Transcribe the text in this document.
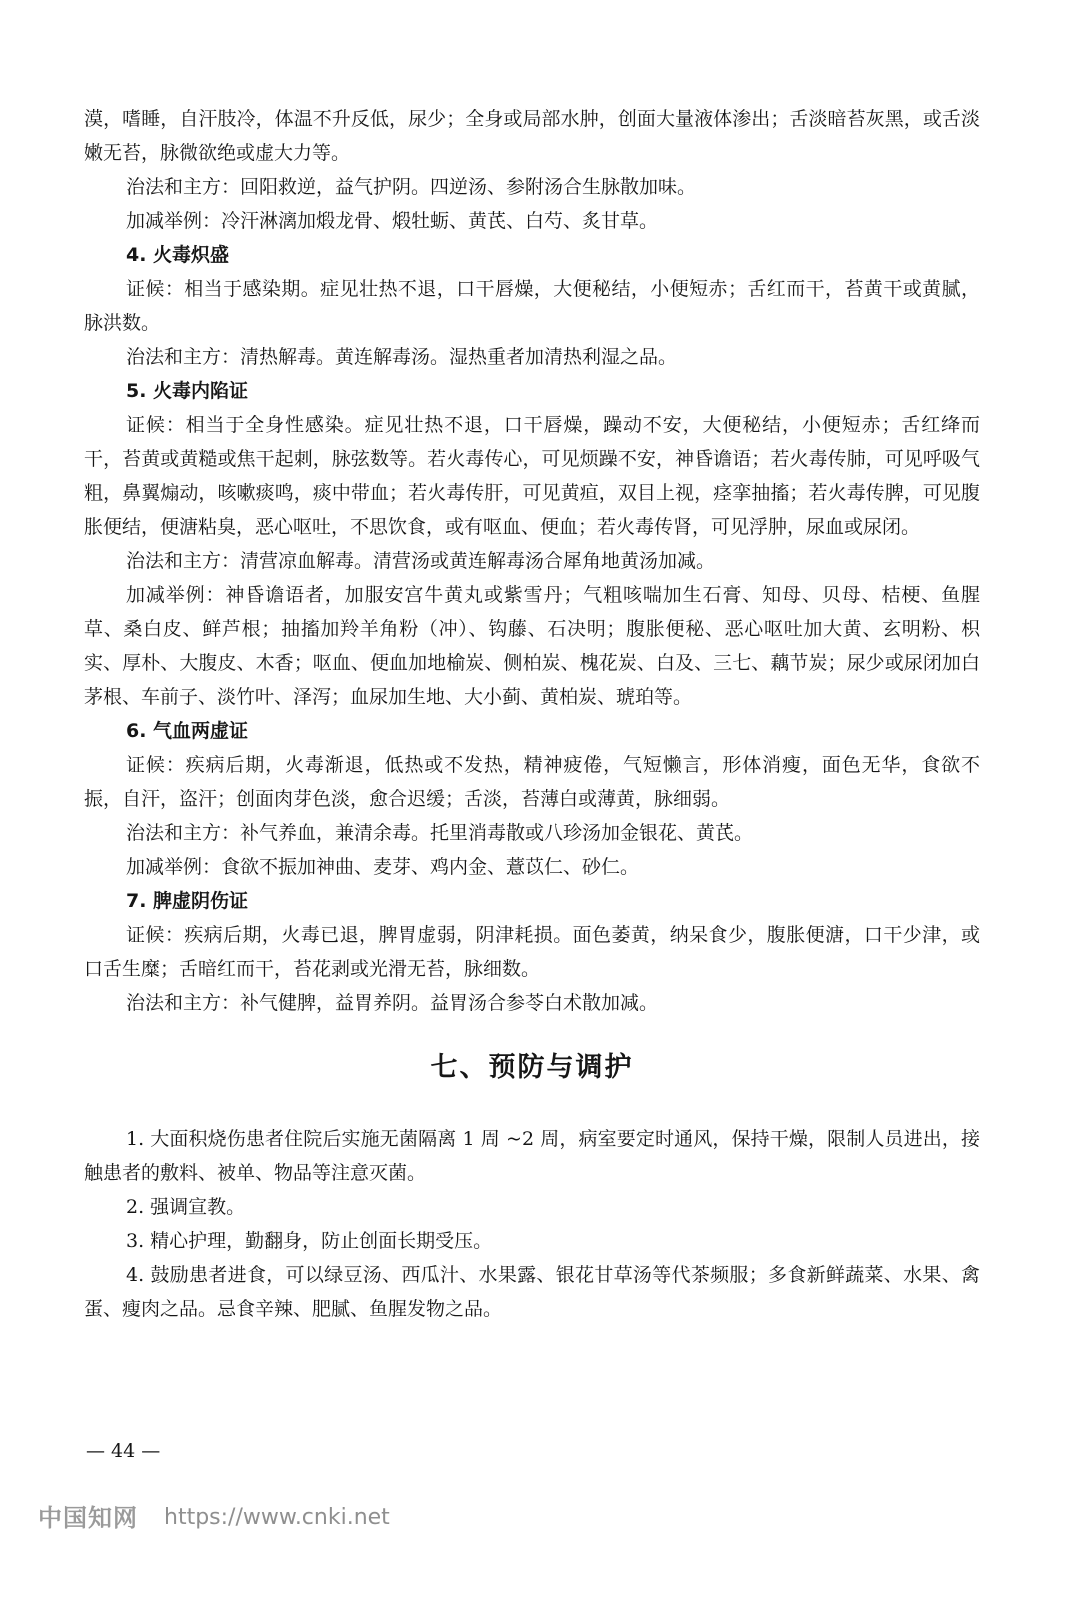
漠，嗜睡，自汗肢冷，体温不升反低，尿少；全身或局部水肿，创面大量液体渗出；舌淡暗苔灰黑，或舌淡嫩无苔，脉微欲绝或虚大力等。

治法和主方：回阳救逆，益气护阴。四逆汤、参附汤合生脉散加味。

加减举例：冷汗淋漓加煅龙骨、煅牡蛎、黄芪、白芍、炙甘草。

4. 火毒炽盛

证候：相当于感染期。症见壮热不退，口干唇燥，大便秘结，小便短赤；舌红而干，苔黄干或黄腻，脉洪数。

治法和主方：清热解毒。黄连解毒汤。湿热重者加清热利湿之品。

5. 火毒内陷证

证候：相当于全身性感染。症见壮热不退，口干唇燥，躁动不安，大便秘结，小便短赤；舌红绛而干，苔黄或黄糙或焦干起刺，脉弦数等。若火毒传心，可见烦躁不安，神昏谵语；若火毒传肺，可见呼吸气粗，鼻翼煽动，咳嗽痰鸣，痰中带血；若火毒传肝，可见黄疸，双目上视，痉挛抽搐；若火毒传脾，可见腹胀便结，便溏粘臭，恶心呕吐，不思饮食，或有呕血、便血；若火毒传肾，可见浮肿，尿血或尿闭。

治法和主方：清营凉血解毒。清营汤或黄连解毒汤合犀角地黄汤加减。

加减举例：神昏谵语者，加服安宫牛黄丸或紫雪丹；气粗咳喘加生石膏、知母、贝母、桔梗、鱼腥草、桑白皮、鲜芦根；抽搐加羚羊角粉（冲）、钩藤、石决明；腹胀便秘、恶心呕吐加大黄、玄明粉、枳实、厚朴、大腹皮、木香；呕血、便血加地榆炭、侧柏炭、槐花炭、白及、三七、藕节炭；尿少或尿闭加白茅根、车前子、淡竹叶、泽泻；血尿加生地、大小蓟、黄柏炭、琥珀等。

6. 气血两虚证

证候：疾病后期，火毒渐退，低热或不发热，精神疲倦，气短懒言，形体消瘦，面色无华，食欲不振，自汗，盗汗；创面肉芽色淡，愈合迟缓；舌淡，苔薄白或薄黄，脉细弱。

治法和主方：补气养血，兼清余毒。托里消毒散或八珍汤加金银花、黄芪。

加减举例：食欲不振加神曲、麦芽、鸡内金、薏苡仁、砂仁。

7. 脾虚阴伤证

证候：疾病后期，火毒已退，脾胃虚弱，阴津耗损。面色萎黄，纳呆食少，腹胀便溏，口干少津，或口舌生糜；舌暗红而干，苔花剥或光滑无苔，脉细数。

治法和主方：补气健脾，益胃养阴。益胃汤合参苓白术散加减。

七、预防与调护

1. 大面积烧伤患者住院后实施无菌隔离 1 周 ~2 周，病室要定时通风，保持干燥，限制人员进出，接触患者的敷料、被单、物品等注意灭菌。

2. 强调宣教。

3. 精心护理，勤翻身，防止创面长期受压。

4. 鼓励患者进食，可以绿豆汤、西瓜汁、水果露、银花甘草汤等代茶频服；多食新鲜蔬菜、水果、禽蛋、瘦肉之品。忌食辛辣、肥腻、鱼腥发物之品。

— 44 —
中国知网 https://www.cnki.net
